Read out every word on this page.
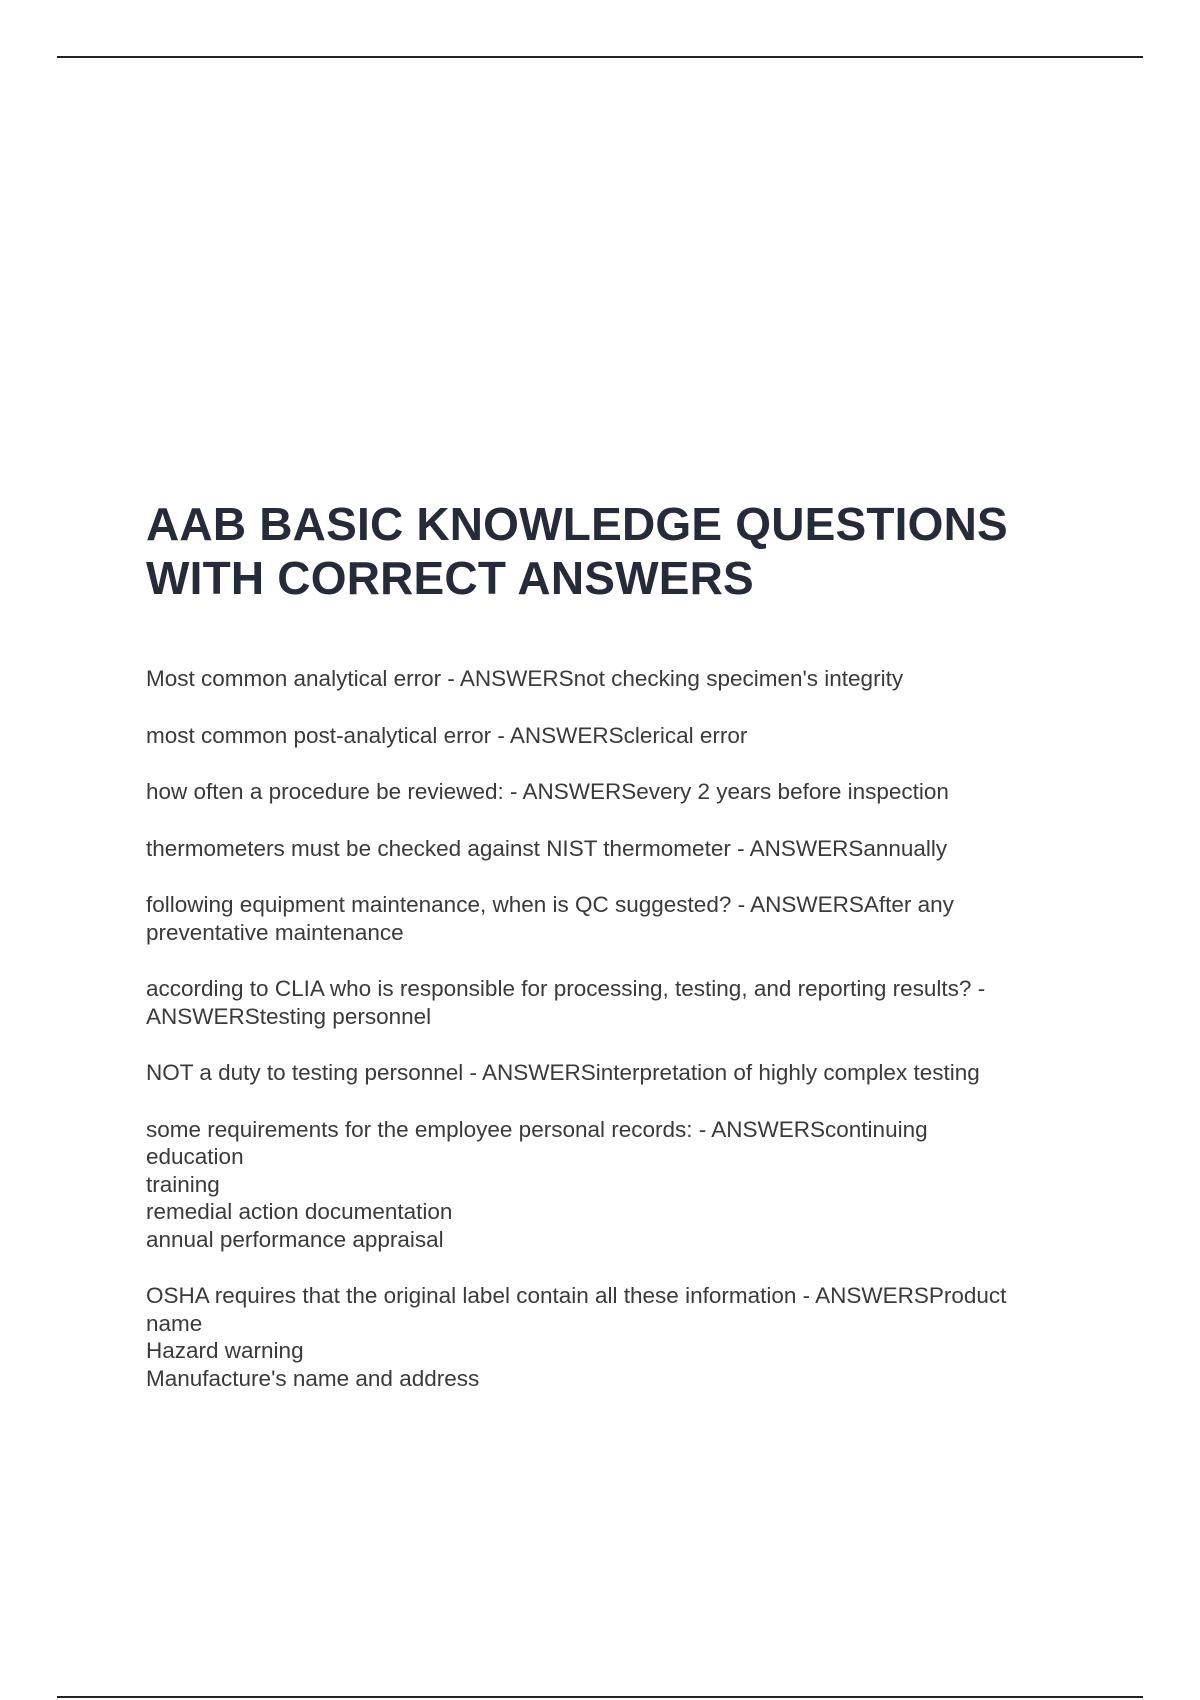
AAB BASIC KNOWLEDGE QUESTIONS
WITH CORRECT ANSWERS
Most common analytical error - ANSWERSnot checking specimen's integrity
most common post-analytical error - ANSWERSclerical error
how often a procedure be reviewed: - ANSWERSevery 2 years before inspection
thermometers must be checked against NIST thermometer - ANSWERSannually
following equipment maintenance, when is QC suggested? - ANSWERSAfter any
preventative maintenance
according to CLIA who is responsible for processing, testing, and reporting results? -
ANSWERStesting personnel
NOT a duty to testing personnel - ANSWERSinterpretation of highly complex testing
some requirements for the employee personal records: - ANSWERScontinuing
education
training
remedial action documentation
annual performance appraisal
OSHA requires that the original label contain all these information - ANSWERSProduct
name
Hazard warning
Manufacture's name and address
